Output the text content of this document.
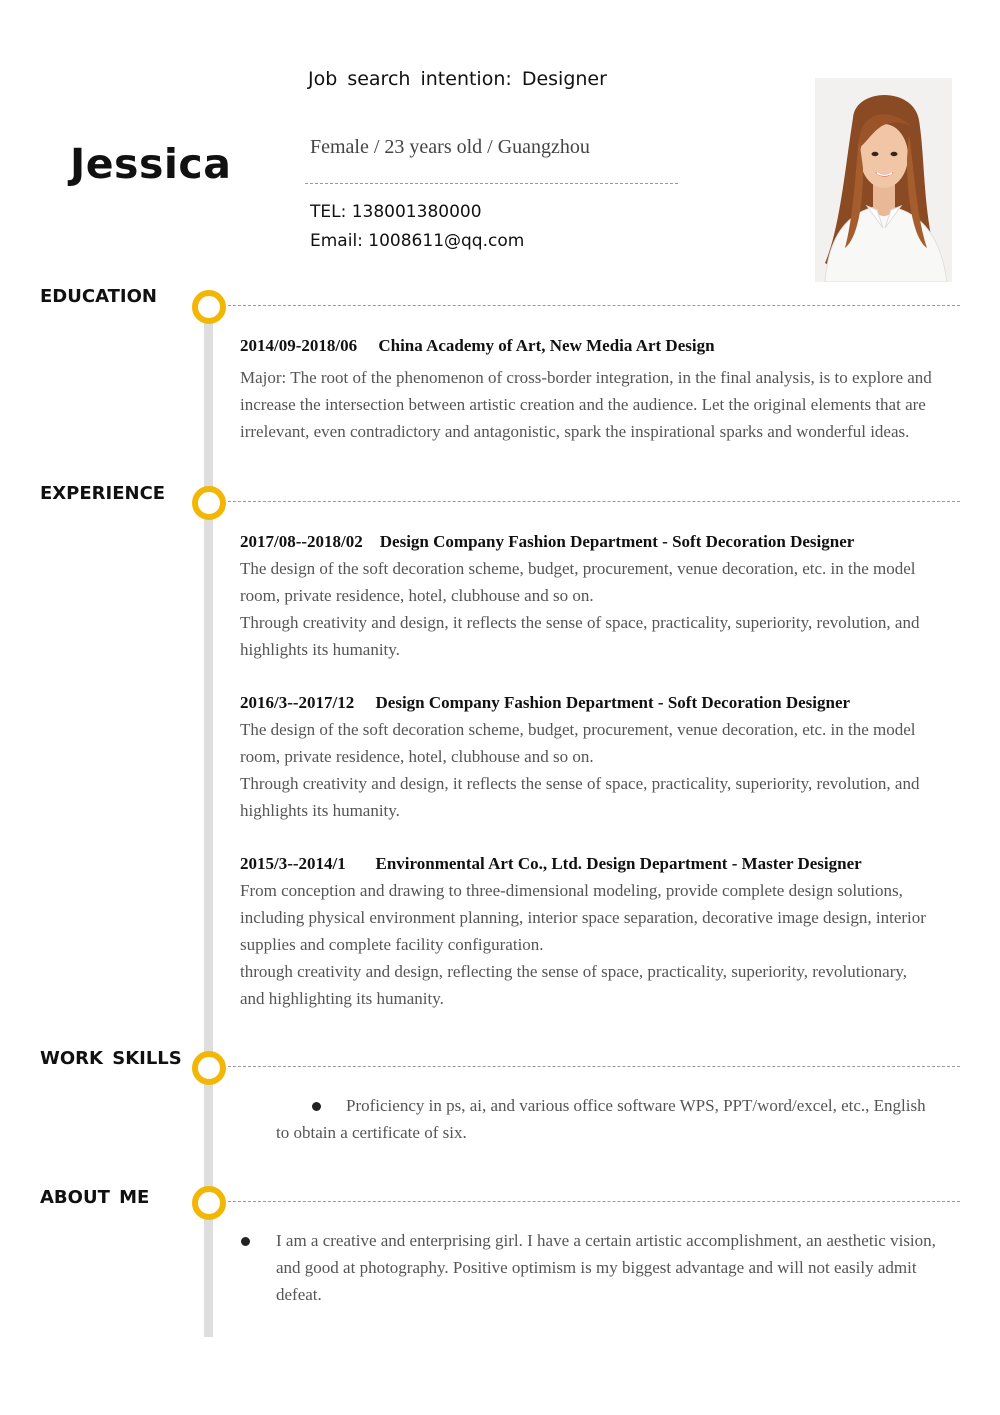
Jessica
Job search intention: Designer
Female / 23 years old / Guangzhou
TEL: 138001380000
Email: 1008611@qq.com
EDUCATION
2014/09-2018/06     China Academy of Art, New Media Art Design
Major: The root of the phenomenon of cross-border integration, in the final analysis, is to explore and
increase the intersection between artistic creation and the audience. Let the original elements that are
irrelevant, even contradictory and antagonistic, spark the inspirational sparks and wonderful ideas.
EXPERIENCE
2017/08--2018/02    Design Company Fashion Department - Soft Decoration Designer
The design of the soft decoration scheme, budget, procurement, venue decoration, etc. in the model
room, private residence, hotel, clubhouse and so on.
Through creativity and design, it reflects the sense of space, practicality, superiority, revolution, and
highlights its humanity.
2016/3--2017/12     Design Company Fashion Department - Soft Decoration Designer
The design of the soft decoration scheme, budget, procurement, venue decoration, etc. in the model
room, private residence, hotel, clubhouse and so on.
Through creativity and design, it reflects the sense of space, practicality, superiority, revolution, and
highlights its humanity.
2015/3--2014/1       Environmental Art Co., Ltd. Design Department - Master Designer
From conception and drawing to three-dimensional modeling, provide complete design solutions,
including physical environment planning, interior space separation, decorative image design, interior
supplies and complete facility configuration.
through creativity and design, reflecting the sense of space, practicality, superiority, revolutionary,
and highlighting its humanity.
WORK SKILLS
Proficiency in ps, ai, and various office software WPS, PPT/word/excel, etc., English
to obtain a certificate of six.
ABOUT ME
I am a creative and enterprising girl. I have a certain artistic accomplishment, an aesthetic vision,
and good at photography. Positive optimism is my biggest advantage and will not easily admit
defeat.
